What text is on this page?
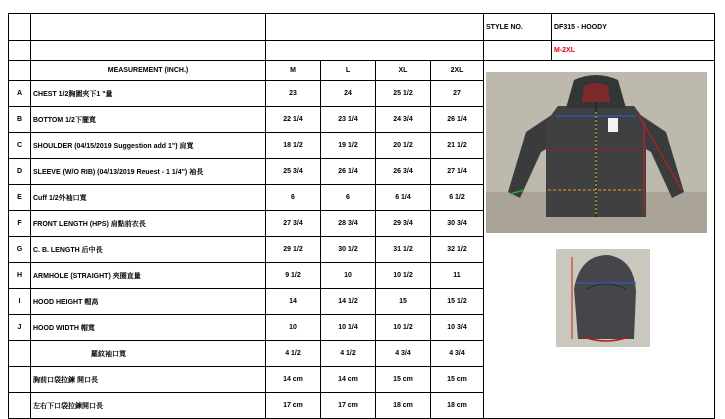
						STYLE NO.	DF315 - HOODY
							M-2XL
	MEASUREMENT (INCH.)	M	L	XL	2XL		
A	CHEST 1/2胸圍夾下1 "量	23	24	25 1/2	27		
B	BOTTOM 1/2下擺寬	22 1/4	23 1/4	24 3/4	26 1/4		
C	SHOULDER (04/15/2019 Suggestion add 1") 肩寬	18 1/2	19 1/2	20 1/2	21 1/2		
D	SLEEVE (W/O RIB) (04/13/2019 Reuest - 1 1/4") 袖長	25 3/4	26 1/4	26 3/4	27 1/4		
E	Cuff 1/2外袖口寬	6	6	6 1/4	6 1/2		
F	FRONT LENGTH (HPS) 肩點前衣長	27 3/4	28 3/4	29 3/4	30 3/4		
G	C. B. LENGTH 后中長	29 1/2	30 1/2	31 1/2	32 1/2		
H	ARMHOLE (STRAIGHT) 夾圈直量	9 1/2	10	10 1/2	11		
I	HOOD HEIGHT 帽高	14	14 1/2	15	15 1/2		
J	HOOD WIDTH 帽寬	10	10 1/4	10 1/2	10 3/4		
	羅紋袖口寬	4 1/2	4 1/2	4 3/4	4 3/4		
	胸前口袋拉鍊 開口長	14 cm	14 cm	15 cm	15 cm		
	左右下口袋拉鍊開口長	17 cm	17 cm	18 cm	18 cm		
